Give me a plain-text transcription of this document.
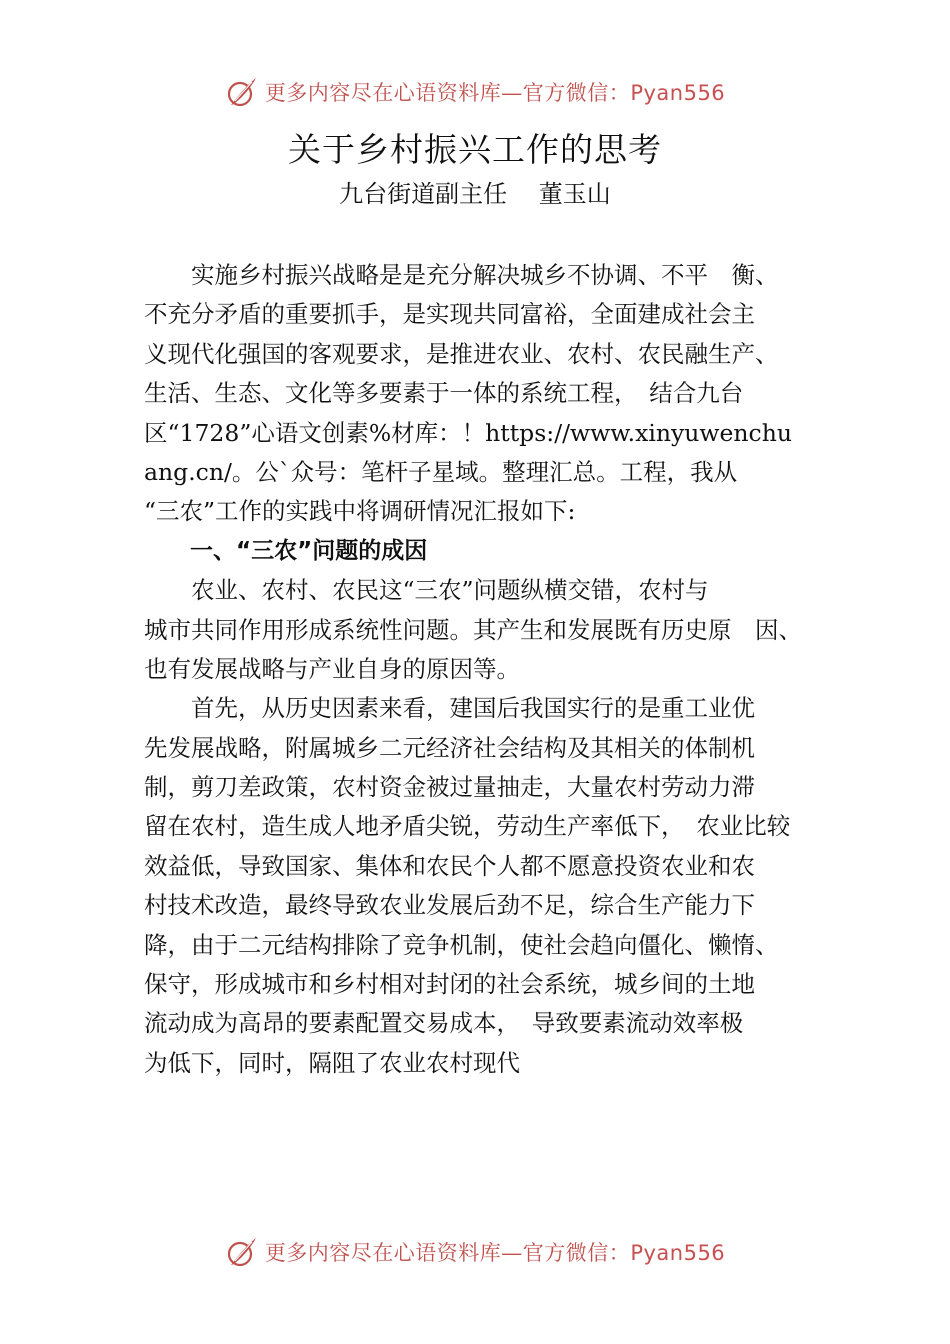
更多内容尽在心语资料库—官方微信：Pyan556
关于乡村振兴工作的思考
九台街道副主任　 董玉山
　　实施乡村振兴战略是是充分解决城乡不协调、不平　衡、
不充分矛盾的重要抓手，是实现共同富裕，全面建成社会主
义现代化强国的客观要求，是推进农业、农村、农民融生产、
生活、生态、文化等多要素于一体的系统工程，　结合九台
区“1728”心语文创素%材库：！https://www.xinyuwenchu
ang.cn/。公`众号：笔杆子星域。整理汇总。工程，我从
“三农”工作的实践中将调研情况汇报如下:
　　一、“三农”问题的成因
　　农业、农村、农民这“三农”问题纵横交错，农村与
城市共同作用形成系统性问题。其产生和发展既有历史原　因、
也有发展战略与产业自身的原因等。
　　首先，从历史因素来看，建国后我国实行的是重工业优
先发展战略，附属城乡二元经济社会结构及其相关的体制机
制，剪刀差政策，农村资金被过量抽走，大量农村劳动力滞
留在农村，造生成人地矛盾尖锐，劳动生产率低下，　农业比较
效益低，导致国家、集体和农民个人都不愿意投资农业和农
村技术改造，最终导致农业发展后劲不足，综合生产能力下
降，由于二元结构排除了竞争机制，使社会趋向僵化、懒惰、
保守，形成城市和乡村相对封闭的社会系统，城乡间的土地
流动成为高昂的要素配置交易成本，　导致要素流动效率极
为低下，同时，隔阻了农业农村现代
更多内容尽在心语资料库—官方微信：Pyan556
